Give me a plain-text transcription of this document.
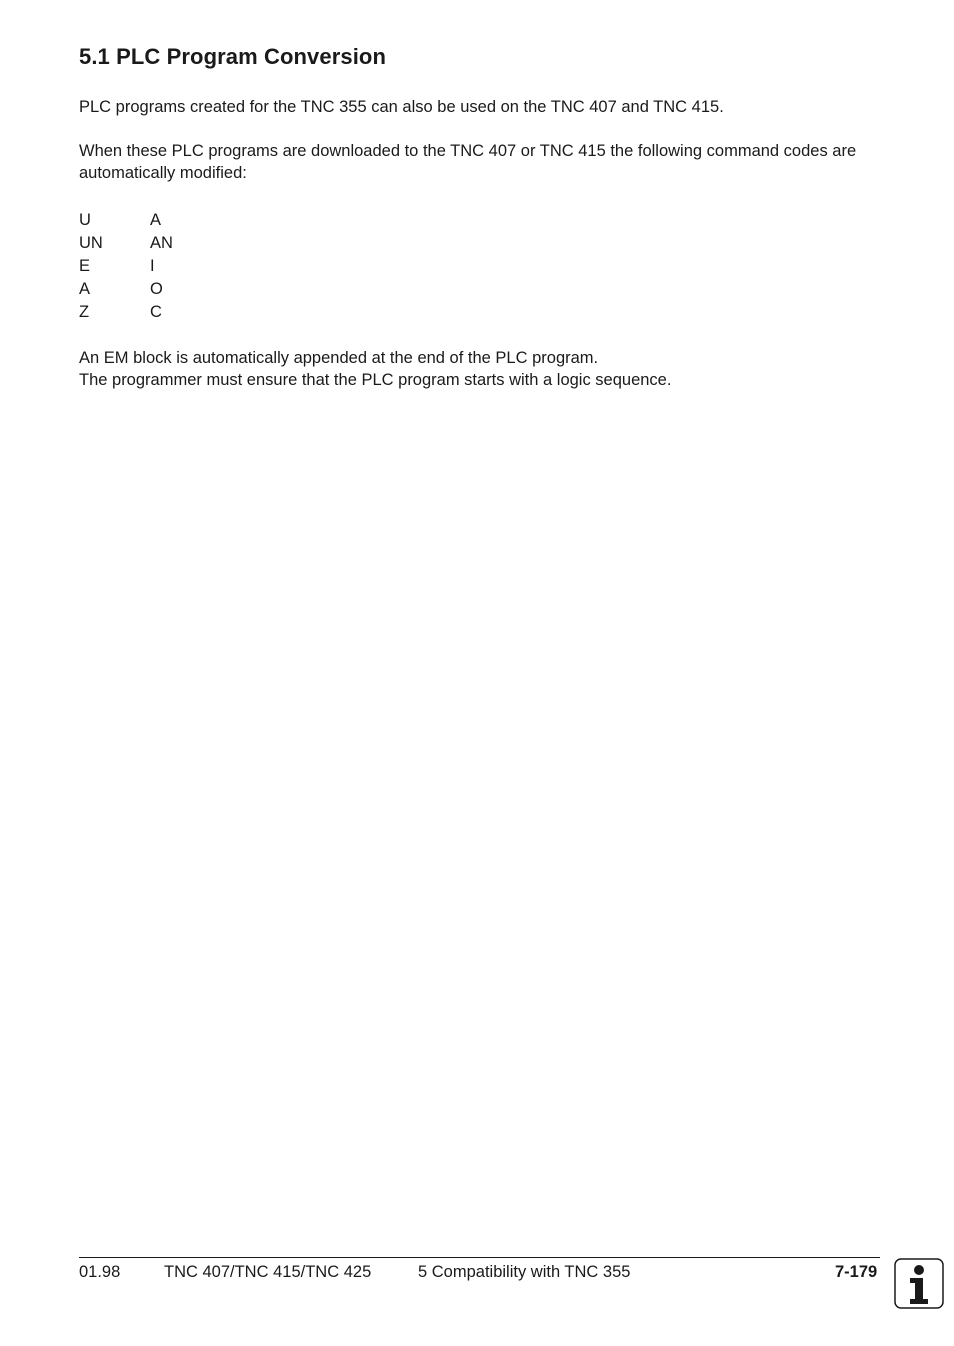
5.1 PLC Program Conversion

PLC programs created for the TNC 355 can also be used on the TNC 407 and TNC 415.

When these PLC programs are downloaded to the TNC 407 or TNC 415 the following command codes are automatically modified:

U	A
UN	AN
E	I
A	O
Z	C

An EM block is automatically appended at the end of the PLC program.
The programmer must ensure that the PLC program starts with a logic sequence.

01.98	TNC 407/TNC 415/TNC 425	5 Compatibility with TNC 355	7-179
